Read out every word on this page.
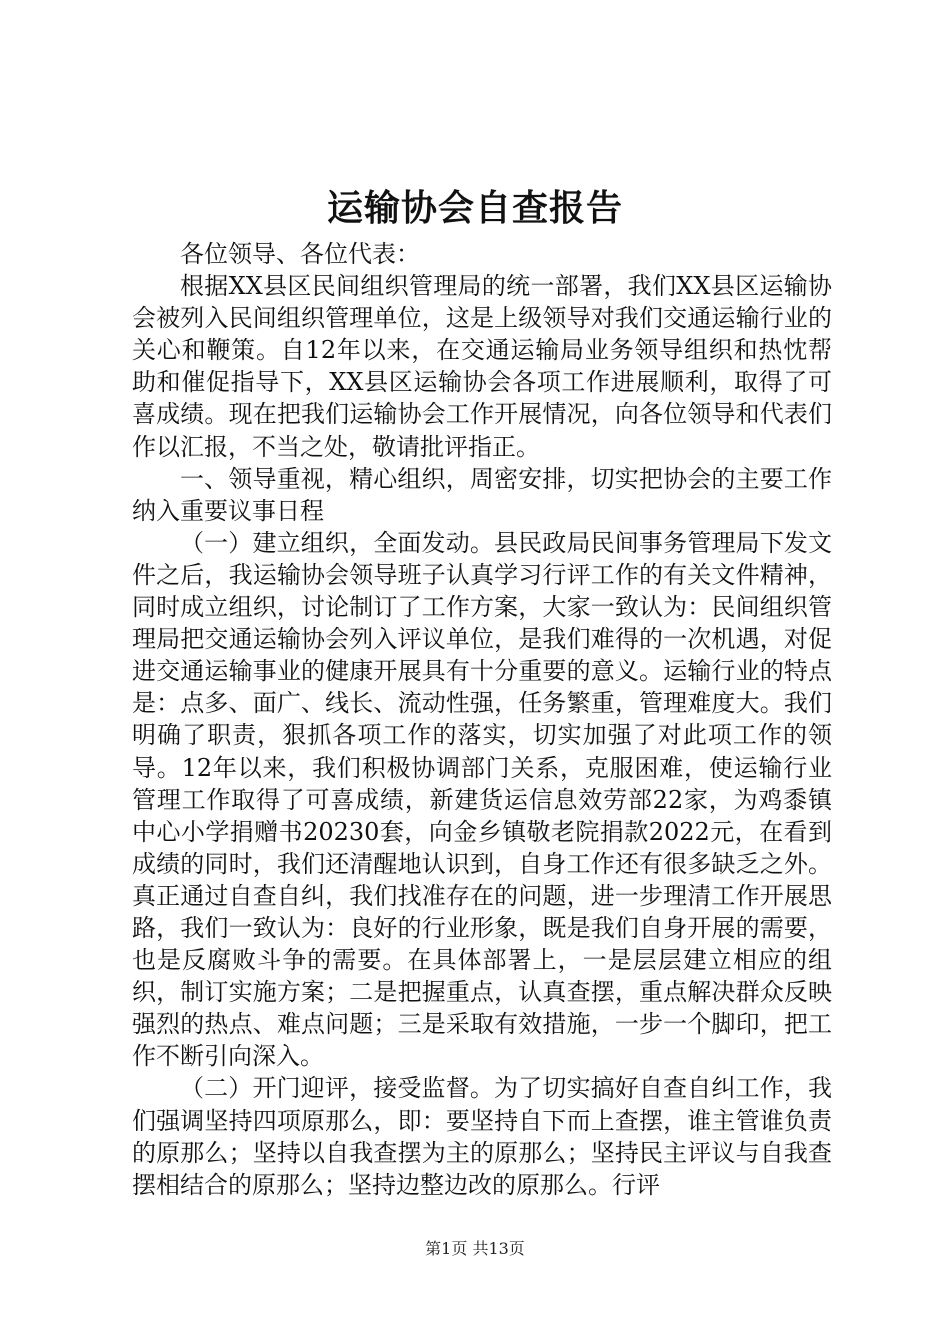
运输协会自查报告

各位领导、各位代表：

根据XX县区民间组织管理局的统一部署，我们XX县区运输协会被列入民间组织管理单位，这是上级领导对我们交通运输行业的关心和鞭策。自12年以来，在交通运输局业务领导组织和热忱帮助和催促指导下，XX县区运输协会各项工作进展顺利，取得了可喜成绩。现在把我们运输协会工作开展情况，向各位领导和代表们作以汇报，不当之处，敬请批评指正。

一、领导重视，精心组织，周密安排，切实把协会的主要工作纳入重要议事日程

（一）建立组织，全面发动。县民政局民间事务管理局下发文件之后，我运输协会领导班子认真学习行评工作的有关文件精神，同时成立组织，讨论制订了工作方案，大家一致认为：民间组织管理局把交通运输协会列入评议单位，是我们难得的一次机遇，对促进交通运输事业的健康开展具有十分重要的意义。运输行业的特点是：点多、面广、线长、流动性强，任务繁重，管理难度大。我们明确了职责，狠抓各项工作的落实，切实加强了对此项工作的领导。12年以来，我们积极协调部门关系，克服困难，使运输行业管理工作取得了可喜成绩，新建货运信息效劳部22家，为鸡黍镇中心小学捐赠书20230套，向金乡镇敬老院捐款2022元，在看到成绩的同时，我们还清醒地认识到，自身工作还有很多缺乏之外。真正通过自查自纠，我们找准存在的问题，进一步理清工作开展思路，我们一致认为：良好的行业形象，既是我们自身开展的需要，也是反腐败斗争的需要。在具体部署上，一是层层建立相应的组织，制订实施方案；二是把握重点，认真查摆，重点解决群众反映强烈的热点、难点问题；三是采取有效措施，一步一个脚印，把工作不断引向深入。

（二）开门迎评，接受监督。为了切实搞好自查自纠工作，我们强调坚持四项原那么，即：要坚持自下而上查摆，谁主管谁负责的原那么；坚持以自我查摆为主的原那么；坚持民主评议与自我查摆相结合的原那么；坚持边整边改的原那么。行评

第1页 共13页
